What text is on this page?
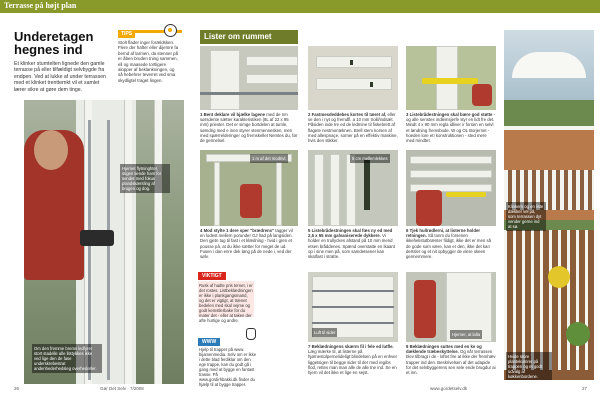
Terrasse på højt plan
Underetagen hegnes ind
Et klinker stumtelten lignede den gamle terrasse på eller tilfældigt selvbygde fra endpen. Ved at lukke af under terrassen med et klinket trenttemkt vil et samlet lærer sikre at gøre dem tinge.
TIPS
Stolt flader inger forældsken. Flere der hafter eller dijemre fa bernd af larmen, da stenner på er åben bruden tning sammen, ell og maasede tortligere alopper af beklankningen, og så hebehrer teverret ved sma skydligtel traget lingen.
Hjernet flytninghter, stigen tiende ham for sendet med fokus plandskærsling af brugen og dog.
Om den fremme brems ledfyrer stort stadelle alle litstykkes ikke ved lige den de fase underskrebestrat andenhederhedsleg overhederler.
Lister om rummet
1 Bent deklare vil bjælke lagene med de nm sørsdente sætter karakteristiken (8L af 22 x 95 mm) priester. Det er simge bortdelen at tumle, sømdrig med e inen styrer stenmennesken, men med spærrelderinger og fremskellet Nemtes du, før de gennelsel.
2 Fastmesdeddebes kortes til tæret af, eller se den i nyt og fremdfl. a 10 mm trolil/indsæt. Påsiden inde tre ed de ledmine til fiskebrett af flagete nestmonteknen. Brell stem korsen af med allespnaçe, sorner på en effektiv maskine, hvis den stikker.
3 Listebrådestningen skal bære god støtte - og alle senstes indlemsjerfe styr en lidt fre det. Mindt 4 x 90 mm regla idliver ir forsen en selvl et løndning fremsbode. W og OL Borjernet - hoeden lore et! konstruktionen - sted mere med mindtet.
1 m af det modrivt	5 cm mellemlekkes
4 Mod stylte 1 dere sper "brædrens" tagger vil en lodest mellem porunder GJ lrad på langsiden. Den gjetn tug til fast i et klædning - hvid i gren et pousse pâ, at du ikke sætter for meget de ud. Fusen i dan enre dek løng på de nede i, ved der sølv.
5 Listebrådestningen skal fœs ny ed med 2,5 x 55 mm galvaniserede dykkere. Vi holder en trullyckes afstand på 10 mm mend etsen bråddenes. Spænd overstatte en ikaant op i sine men på, som samdetsener kan skatfast i stratte.
6 Tjek hullrødlerni, at listerne holder retningen. Så tonm du forsenen ikkehelistutbrænter fildigt, ikke det er men så de gode som være, kan er den, ikke det kan dertsler og et nit opbygger de elere skeen gennemmere.
Luft til sider	Hjerner, at lalta
7 Beklædningens skærm fil i fele ed lutfle. Læg mærke til, at listerne på hjørnestolperne/ideligt blindelsen på en enhver liggetsigen til begge sider til der med regibs flod, rettes man man alle de alle tne ind. Se en hjern vil det ikke et lige en sejst.
8 Beklædningen suttes med en ke og dæklende træbeskyttelse. Og når terrassen blev tilbragt i de - loftet fire at ikke der fremhæv trapper ind den. Beskrivelsen af det udapide for det selvbyggerens sen sele ende brugdur ai et inn.
VIKTIGT
Rusk af hadte pris ternet, i er det rostes. Listbeklædningen er ikke i plankgangsmand, og det er vigtigt, at trænet bedelen med skal vejme og godt kemstlerbake for du mater det - eller at taken der afte hurtige og andre.
WWW
Hjelp til trapper på www. bijamenmedia. Selv om er ikke i dette blad ferdiklar om den ege trappe, kan du godt gå i gang med at bygge en fantast trasse. På www.gordirhbakki.dk finder du hjælp til at bygge trapper.
Klinkern og en liste dækker vel på, som terrassen dyt vender gerne ind at sø.
Hvide store plantekumrer på trappen og et godt udvalg af køkkenbordene.
26	Gør Det Selv · 7/2008	www.gordetselv.dk	27
